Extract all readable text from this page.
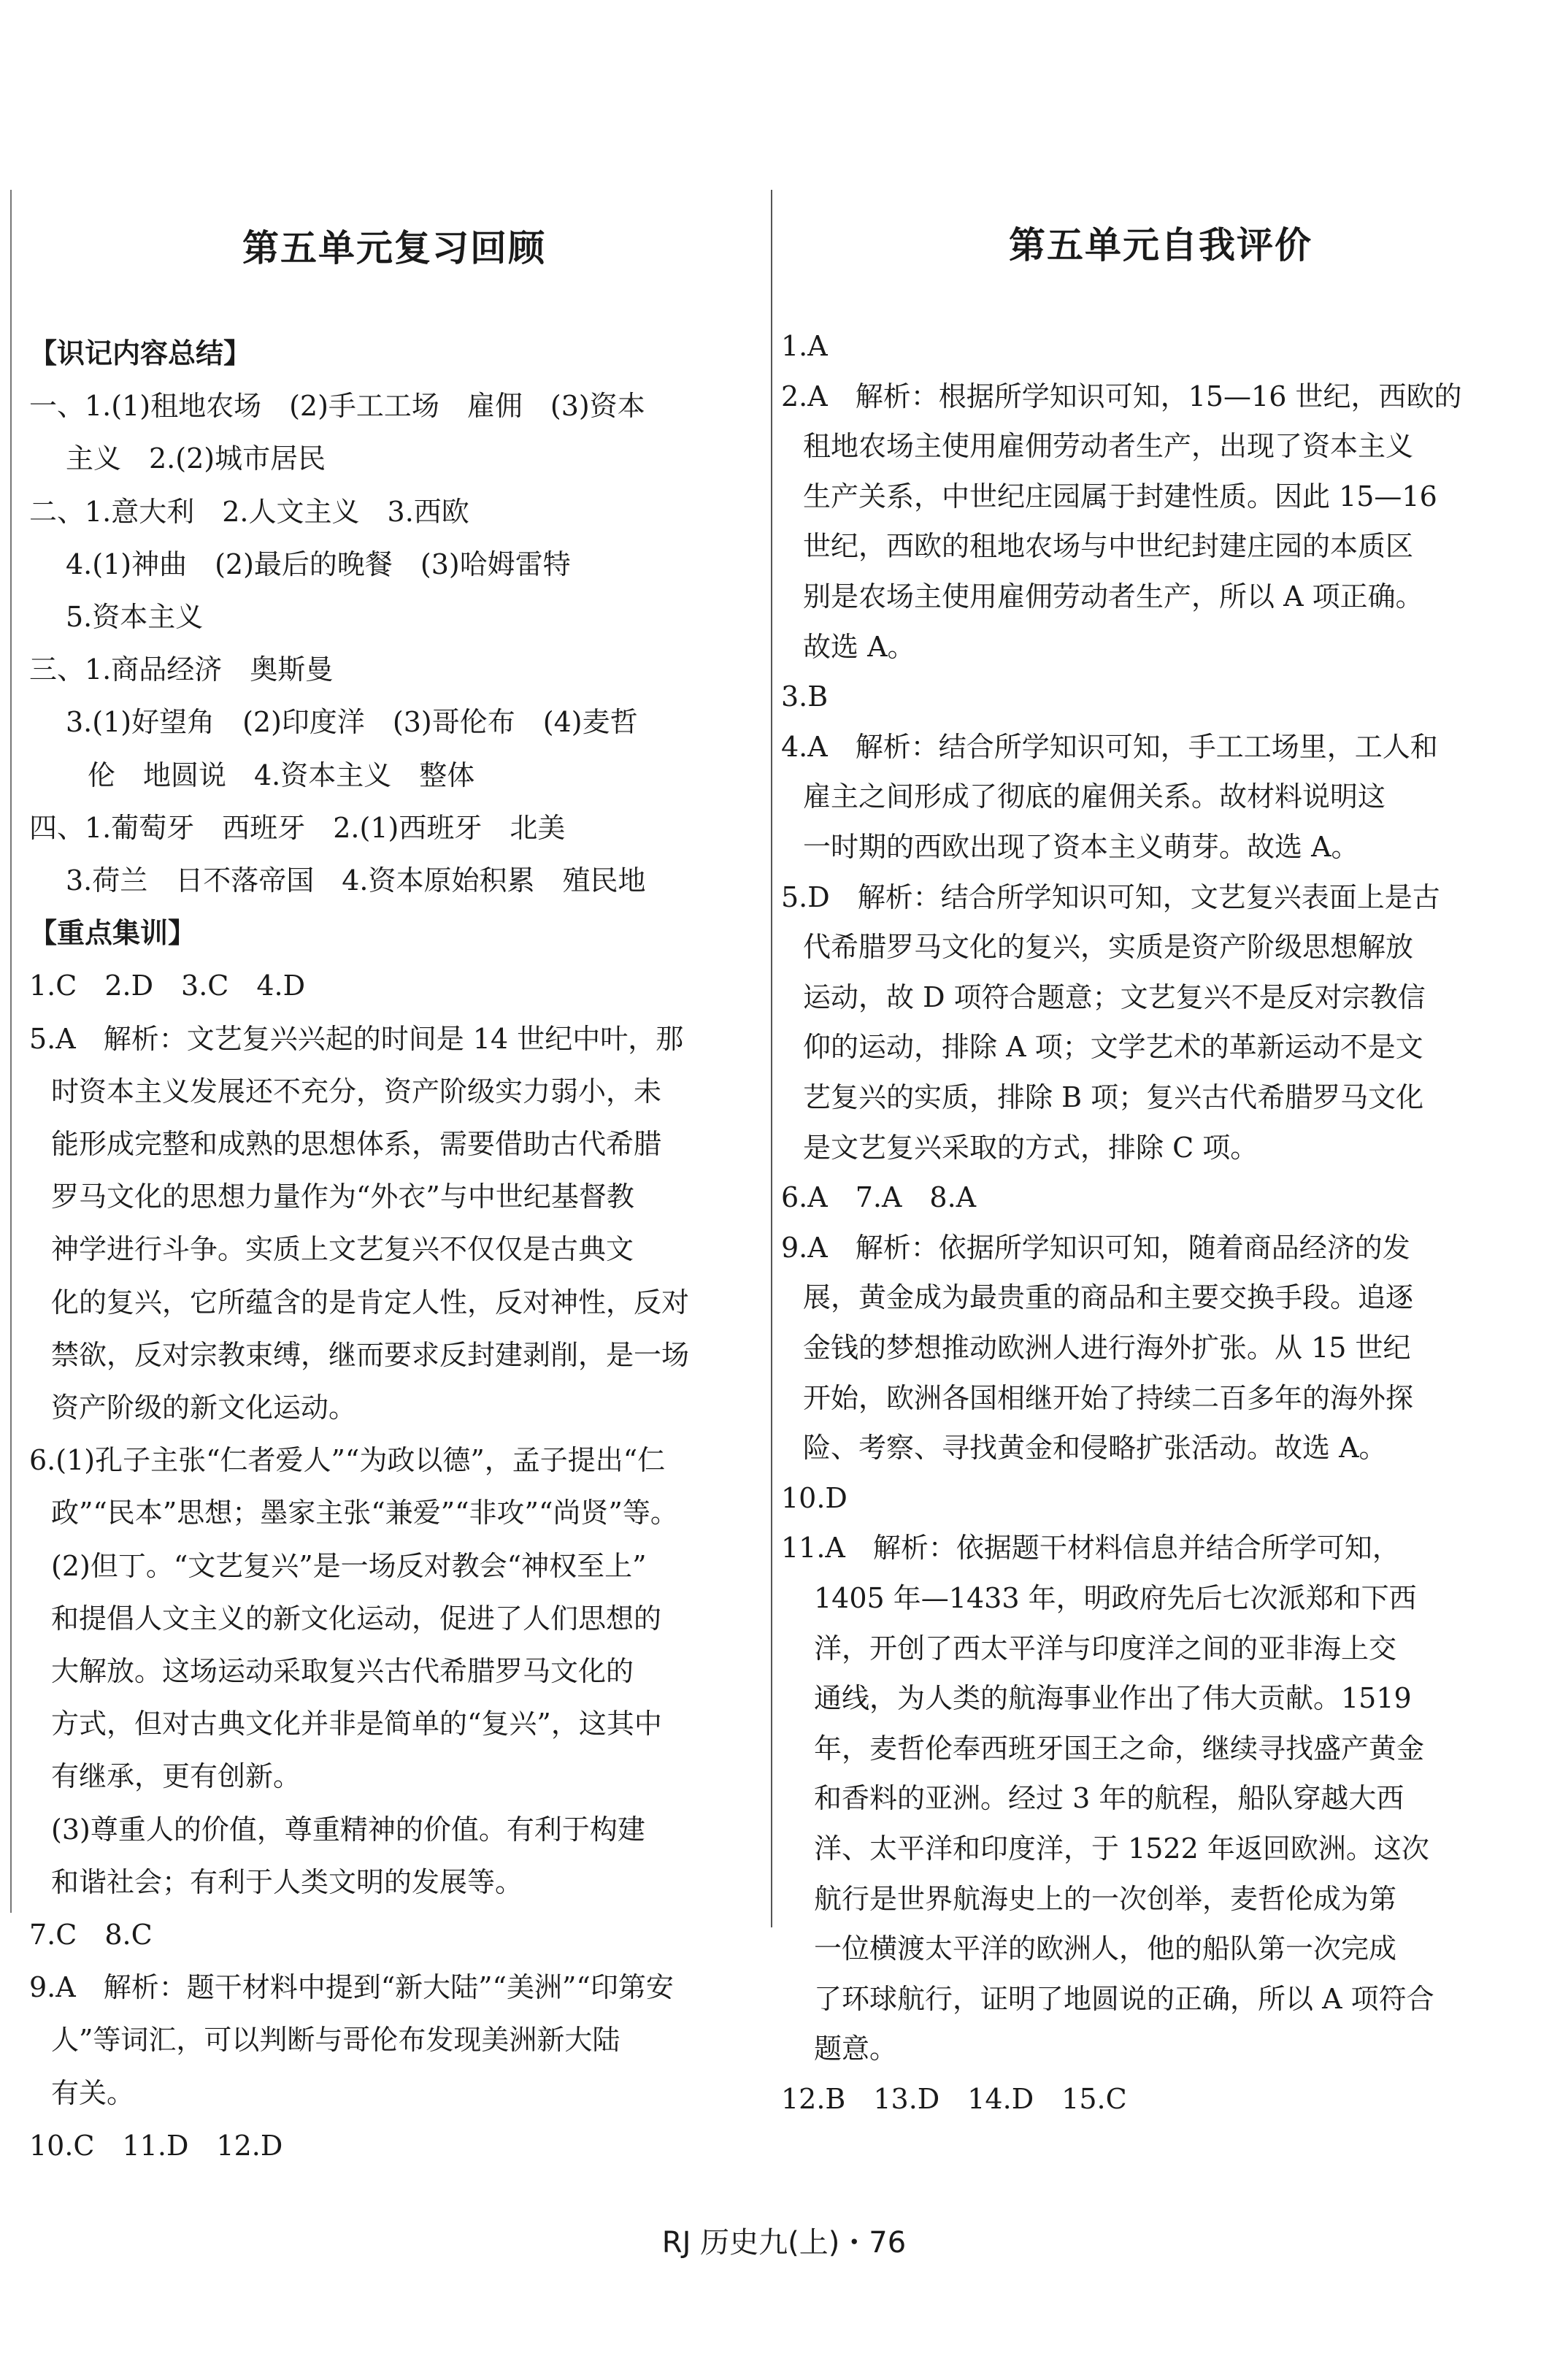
第五单元复习回顾
【识记内容总结】
一、1.(1)租地农场　(2)手工工场　雇佣　(3)资本
主义　2.(2)城市居民
二、1.意大利　2.人文主义　3.西欧
4.(1)神曲　(2)最后的晚餐　(3)哈姆雷特
5.资本主义
三、1.商品经济　奥斯曼
3.(1)好望角　(2)印度洋　(3)哥伦布　(4)麦哲
伦　地圆说　4.资本主义　整体
四、1.葡萄牙　西班牙　2.(1)西班牙　北美
3.荷兰　日不落帝国　4.资本原始积累　殖民地
【重点集训】
1.C　2.D　3.C　4.D
5.A　解析：文艺复兴兴起的时间是 14 世纪中叶，那
时资本主义发展还不充分，资产阶级实力弱小，未
能形成完整和成熟的思想体系，需要借助古代希腊
罗马文化的思想力量作为“外衣”与中世纪基督教
神学进行斗争。实质上文艺复兴不仅仅是古典文
化的复兴，它所蕴含的是肯定人性，反对神性，反对
禁欲，反对宗教束缚，继而要求反封建剥削，是一场
资产阶级的新文化运动。
6.(1)孔子主张“仁者爱人”“为政以德”，孟子提出“仁
政”“民本”思想；墨家主张“兼爱”“非攻”“尚贤”等。
(2)但丁。“文艺复兴”是一场反对教会“神权至上”
和提倡人文主义的新文化运动，促进了人们思想的
大解放。这场运动采取复兴古代希腊罗马文化的
方式，但对古典文化并非是简单的“复兴”，这其中
有继承，更有创新。
(3)尊重人的价值，尊重精神的价值。有利于构建
和谐社会；有利于人类文明的发展等。
7.C　8.C
9.A　解析：题干材料中提到“新大陆”“美洲”“印第安
人”等词汇，可以判断与哥伦布发现美洲新大陆
有关。
10.C　11.D　12.D
第五单元自我评价
1.A
2.A　解析：根据所学知识可知，15—16 世纪，西欧的
租地农场主使用雇佣劳动者生产，出现了资本主义
生产关系，中世纪庄园属于封建性质。因此 15—16
世纪，西欧的租地农场与中世纪封建庄园的本质区
别是农场主使用雇佣劳动者生产，所以 A 项正确。
故选 A。
3.B
4.A　解析：结合所学知识可知，手工工场里，工人和
雇主之间形成了彻底的雇佣关系。故材料说明这
一时期的西欧出现了资本主义萌芽。故选 A。
5.D　解析：结合所学知识可知，文艺复兴表面上是古
代希腊罗马文化的复兴，实质是资产阶级思想解放
运动，故 D 项符合题意；文艺复兴不是反对宗教信
仰的运动，排除 A 项；文学艺术的革新运动不是文
艺复兴的实质，排除 B 项；复兴古代希腊罗马文化
是文艺复兴采取的方式，排除 C 项。
6.A　7.A　8.A
9.A　解析：依据所学知识可知，随着商品经济的发
展，黄金成为最贵重的商品和主要交换手段。追逐
金钱的梦想推动欧洲人进行海外扩张。从 15 世纪
开始，欧洲各国相继开始了持续二百多年的海外探
险、考察、寻找黄金和侵略扩张活动。故选 A。
10.D
11.A　解析：依据题干材料信息并结合所学可知，
1405 年—1433 年，明政府先后七次派郑和下西
洋，开创了西太平洋与印度洋之间的亚非海上交
通线，为人类的航海事业作出了伟大贡献。1519
年，麦哲伦奉西班牙国王之命，继续寻找盛产黄金
和香料的亚洲。经过 3 年的航程，船队穿越大西
洋、太平洋和印度洋，于 1522 年返回欧洲。这次
航行是世界航海史上的一次创举，麦哲伦成为第
一位横渡太平洋的欧洲人，他的船队第一次完成
了环球航行，证明了地圆说的正确，所以 A 项符合
题意。
12.B　13.D　14.D　15.C
RJ 历史九(上)・76
